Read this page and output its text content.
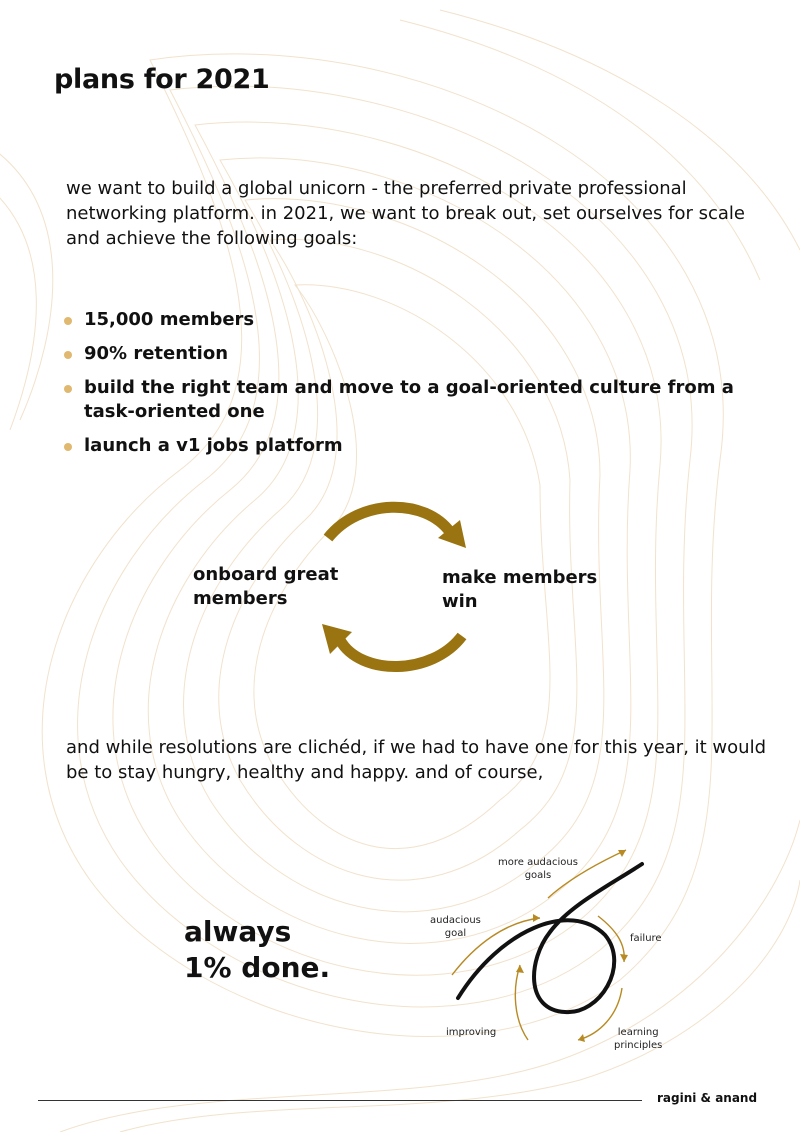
plans for 2021

we want to build a global unicorn - the preferred private professional networking platform. in 2021, we want to break out, set ourselves for scale and achieve the following goals:

15,000 members
90% retention
build the right team and move to a goal-oriented culture from a task-oriented one
launch a v1 jobs platform
onboard great
members
make members
win

and while resolutions are clichéd, if we had to have one for this year, it would be to stay hungry, healthy and happy. and of course,

always
1% done.
more audacious
goals
audacious
goal	failure
improving	learning
principles
ragini & anand
